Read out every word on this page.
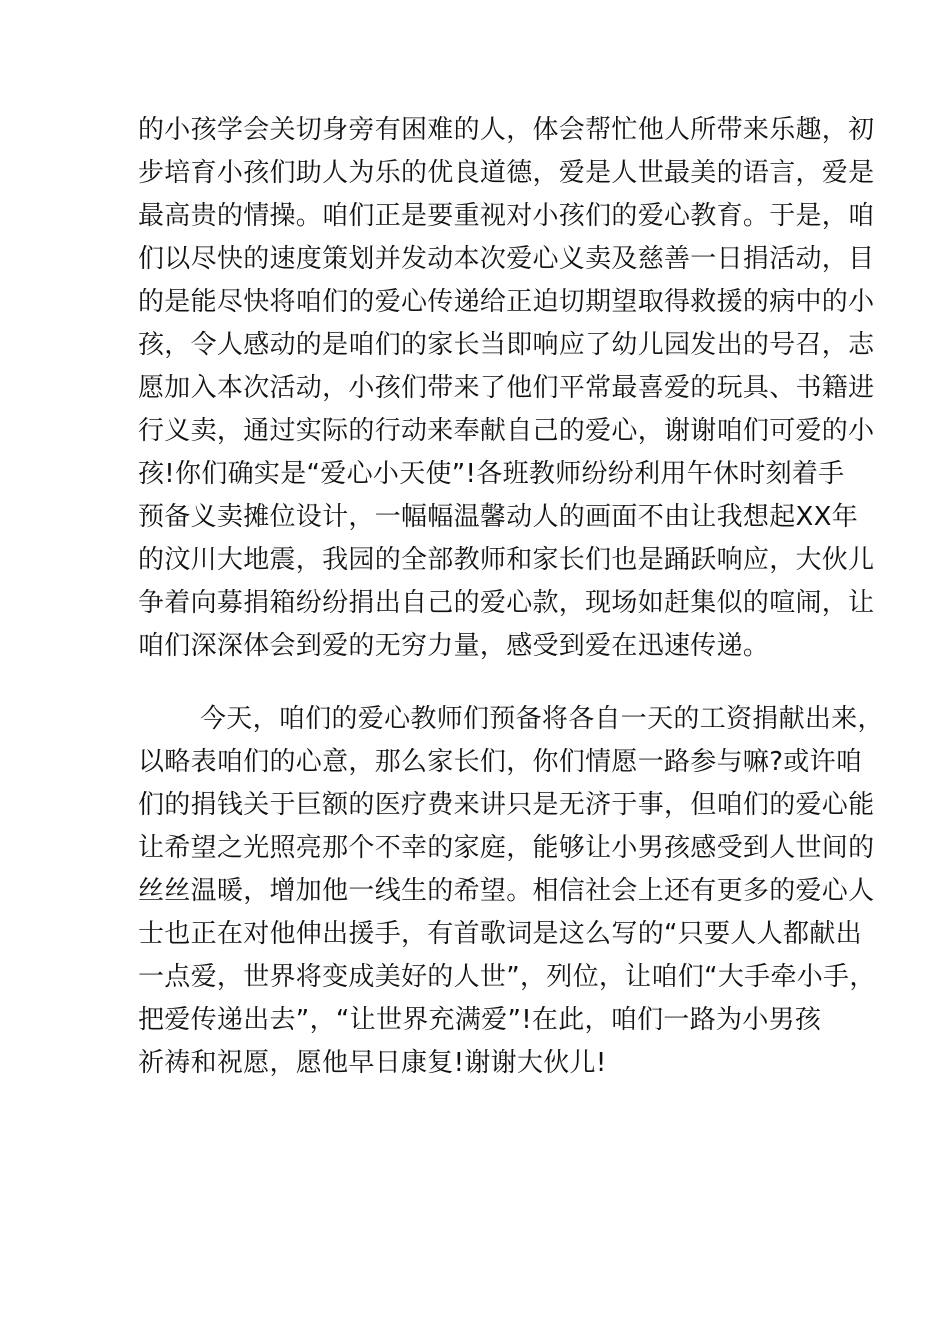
的小孩学会关切身旁有困难的人，体会帮忙他人所带来乐趣，初
步培育小孩们助人为乐的优良道德，爱是人世最美的语言，爱是
最高贵的情操。咱们正是要重视对小孩们的爱心教育。于是，咱
们以尽快的速度策划并发动本次爱心义卖及慈善一日捐活动，目
的是能尽快将咱们的爱心传递给正迫切期望取得救援的病中的小
孩，令人感动的是咱们的家长当即响应了幼儿园发出的号召，志
愿加入本次活动，小孩们带来了他们平常最喜爱的玩具、书籍进
行义卖，通过实际的行动来奉献自己的爱心，谢谢咱们可爱的小
孩!你们确实是“爱心小天使”!各班教师纷纷利用午休时刻着手
预备义卖摊位设计，一幅幅温馨动人的画面不由让我想起XX年
的汶川大地震，我园的全部教师和家长们也是踊跃响应，大伙儿
争着向募捐箱纷纷捐出自己的爱心款，现场如赶集似的喧闹，让
咱们深深体会到爱的无穷力量，感受到爱在迅速传递。
今天，咱们的爱心教师们预备将各自一天的工资捐献出来，
以略表咱们的心意，那么家长们，你们情愿一路参与嘛?或许咱
们的捐钱关于巨额的医疗费来讲只是无济于事，但咱们的爱心能
让希望之光照亮那个不幸的家庭，能够让小男孩感受到人世间的
丝丝温暖，增加他一线生的希望。相信社会上还有更多的爱心人
士也正在对他伸出援手，有首歌词是这么写的“只要人人都献出
一点爱，世界将变成美好的人世”，列位，让咱们“大手牵小手，
把爱传递出去”，“让世界充满爱”!在此，咱们一路为小男孩
祈祷和祝愿，愿他早日康复!谢谢大伙儿!
